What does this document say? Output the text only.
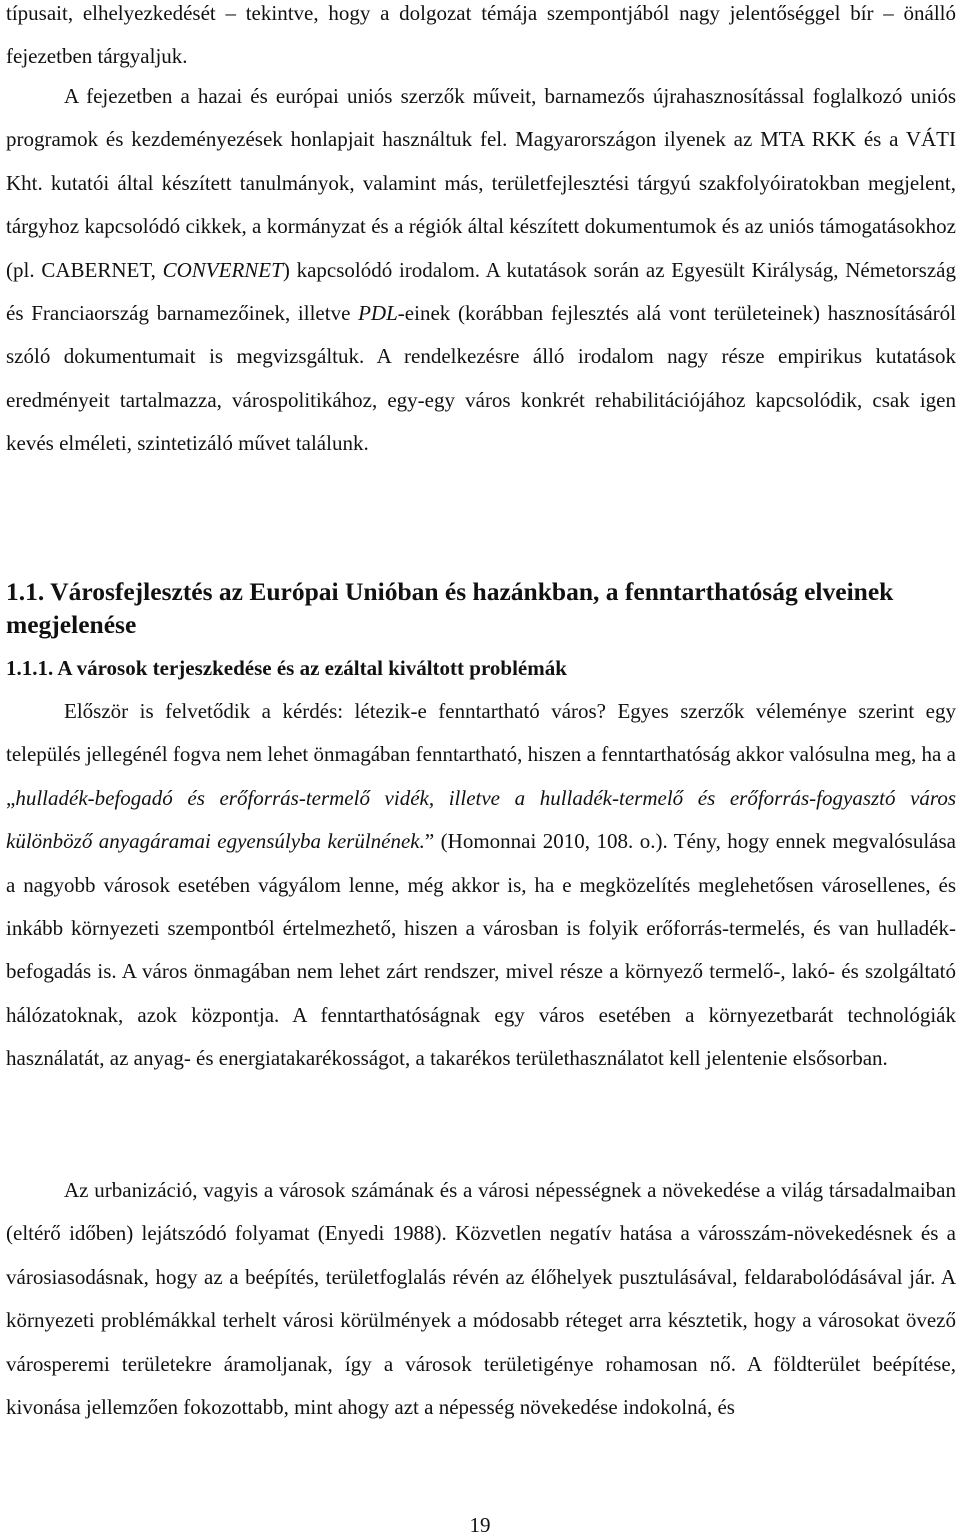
típusait, elhelyezkedését – tekintve, hogy a dolgozat témája szempontjából nagy jelentőséggel bír – önálló fejezetben tárgyaljuk.

A fejezetben a hazai és európai uniós szerzők műveit, barnamezős újrahasznosítással foglalkozó uniós programok és kezdeményezések honlapjait használtuk fel. Magyarországon ilyenek az MTA RKK és a VÁTI Kht. kutatói által készített tanulmányok, valamint más, területfejlesztési tárgyú szakfolyóiratokban megjelent, tárgyhoz kapcsolódó cikkek, a kormányzat és a régiók által készített dokumentumok és az uniós támogatásokhoz (pl. CABERNET, CONVERNET) kapcsolódó irodalom. A kutatások során az Egyesült Királyság, Németország és Franciaország barnamezőinek, illetve PDL-einek (korábban fejlesztés alá vont területeinek) hasznosításáról szóló dokumentumait is megvizsgáltuk. A rendelkezésre álló irodalom nagy része empirikus kutatások eredményeit tartalmazza, várospolitikához, egy-egy város konkrét rehabilitációjához kapcsolódik, csak igen kevés elméleti, szintetizáló művet találunk.

1.1. Városfejlesztés az Európai Unióban és hazánkban, a fenntarthatóság elveinek megjelenése
1.1.1. A városok terjeszkedése és az ezáltal kiváltott problémák

Először is felvetődik a kérdés: létezik-e fenntartható város? Egyes szerzők véleménye szerint egy település jellegénél fogva nem lehet önmagában fenntartható, hiszen a fenntarthatóság akkor valósulna meg, ha a „hulladék-befogadó és erőforrás-termelő vidék, illetve a hulladék-termelő és erőforrás-fogyasztó város különböző anyagáramai egyensúlyba kerülnének.” (Homonnai 2010, 108. o.). Tény, hogy ennek megvalósulása a nagyobb városok esetében vágyálom lenne, még akkor is, ha e megközelítés meglehetősen városellenes, és inkább környezeti szempontból értelmezhető, hiszen a városban is folyik erőforrás-termelés, és van hulladék-befogadás is. A város önmagában nem lehet zárt rendszer, mivel része a környező termelő-, lakó- és szolgáltató hálózatoknak, azok központja. A fenntarthatóságnak egy város esetében a környezetbarát technológiák használatát, az anyag- és energiatakarékosságot, a takarékos területhasználatot kell jelentenie elsősorban.

Az urbanizáció, vagyis a városok számának és a városi népességnek a növekedése a világ társadalmaiban (eltérő időben) lejátszódó folyamat (Enyedi 1988). Közvetlen negatív hatása a városszám-növekedésnek és a városiasodásnak, hogy az a beépítés, területfoglalás révén az élőhelyek pusztulásával, feldarabolódásával jár. A környezeti problémákkal terhelt városi körülmények a módosabb réteget arra késztetik, hogy a városokat övező városperemi területekre áramoljanak, így a városok területigénye rohamosan nő. A földterület beépítése, kivonása jellemzően fokozottabb, mint ahogy azt a népesség növekedése indokolná, és

19
